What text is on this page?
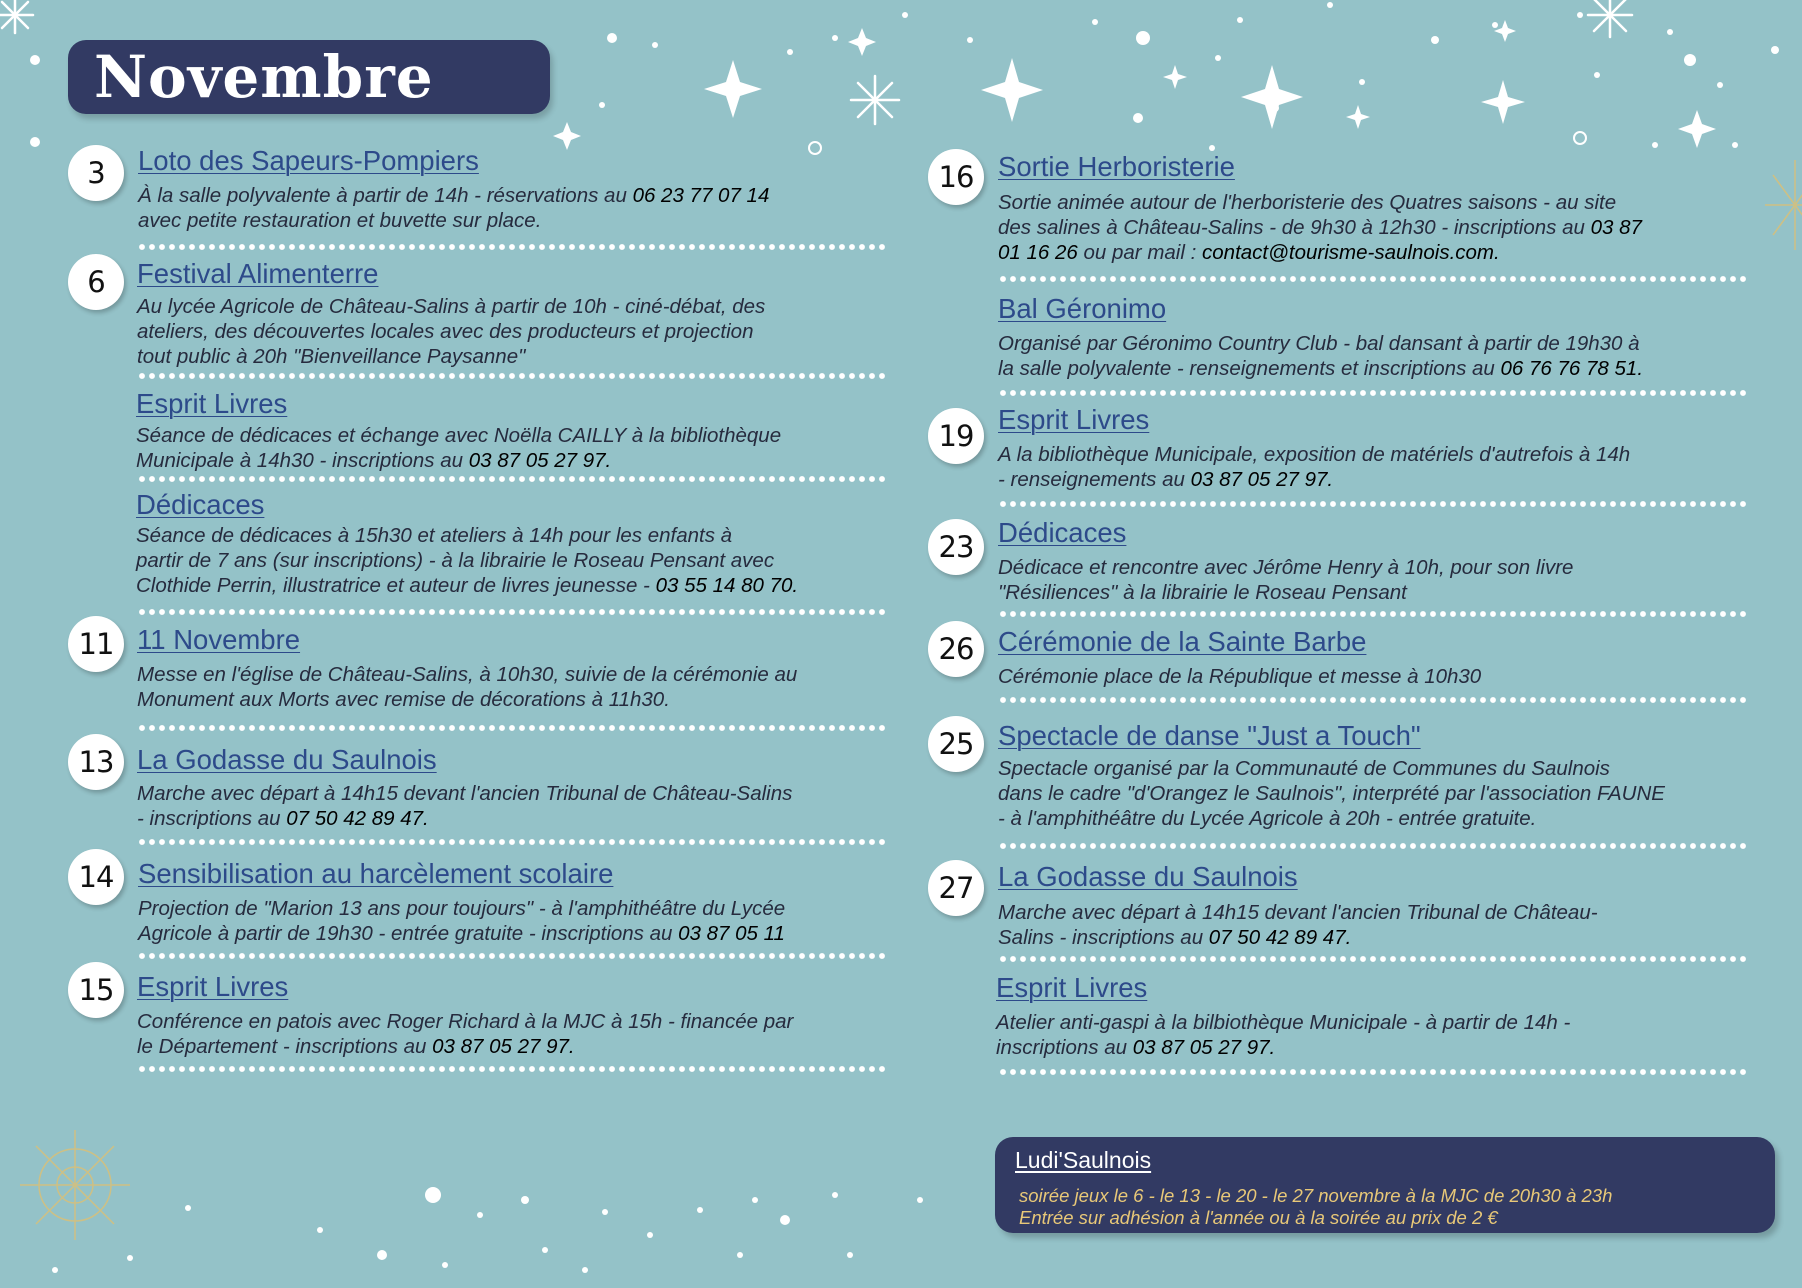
Novembre
3	Loto des Sapeurs-Pompiers
À la salle polyvalente à partir de 14h - réservations au 06 23 77 07 14
avec petite restauration et buvette sur place.
6	Festival Alimenterre
Au lycée Agricole de Château-Salins à partir de 10h - ciné-débat, des
ateliers, des découvertes locales avec des producteurs et projection
tout public à 20h "Bienveillance Paysanne"
Esprit Livres
Séance de dédicaces et échange avec Noëlla CAILLY à la bibliothèque
Municipale à 14h30 - inscriptions au 03 87 05 27 97.
Dédicaces
Séance de dédicaces à 15h30 et ateliers à 14h pour les enfants à
partir de 7 ans (sur inscriptions) - à la librairie le Roseau Pensant avec
Clothide Perrin, illustratrice et auteur de livres jeunesse - 03 55 14 80 70.
11 11 Novembre
Messe en l'église de Château-Salins, à 10h30, suivie de la cérémonie au
Monument aux Morts avec remise de décorations à 11h30.
13 La Godasse du Saulnois
Marche avec départ à 14h15 devant l'ancien Tribunal de Château-Salins
- inscriptions au 07 50 42 89 47.
14 Sensibilisation au harcèlement scolaire
Projection de "Marion 13 ans pour toujours" - à l'amphithéâtre du Lycée
Agricole à partir de 19h30 - entrée gratuite - inscriptions au 03 87 05 11
15 Esprit Livres
Conférence en patois avec Roger Richard à la MJC à 15h - financée par
le Département - inscriptions au 03 87 05 27 97.
16 Sortie Herboristerie
Sortie animée autour de l'herboristerie des Quatres saisons - au site
des salines à Château-Salins - de 9h30 à 12h30 - inscriptions au 03 87
01 16 26 ou par mail : contact@tourisme-saulnois.com.
Bal Géronimo
Organisé par Géronimo Country Club - bal dansant à partir de 19h30 à
la salle polyvalente - renseignements et inscriptions au 06 76 76 78 51.
19 Esprit Livres
A la bibliothèque Municipale, exposition de matériels d'autrefois à 14h
- renseignements au 03 87 05 27 97.
23 Dédicaces
Dédicace et rencontre avec Jérôme Henry à 10h, pour son livre
"Résiliences" à la librairie le Roseau Pensant
26 Cérémonie de la Sainte Barbe
Cérémonie place de la République et messe à 10h30
25 Spectacle de danse "Just a Touch"
Spectacle organisé par la Communauté de Communes du Saulnois
dans le cadre "d'Orangez le Saulnois", interprété par l'association FAUNE
- à l'amphithéâtre du Lycée Agricole à 20h - entrée gratuite.
27 La Godasse du Saulnois
Marche avec départ à 14h15 devant l'ancien Tribunal de Château-
Salins - inscriptions au 07 50 42 89 47.
Esprit Livres
Atelier anti-gaspi à la bilbiothèque Municipale - à partir de 14h -
inscriptions au 03 87 05 27 97.
Ludi'Saulnois
soirée jeux le 6 - le 13 - le 20 - le 27 novembre à la MJC de 20h30 à 23h
Entrée sur adhésion à l'année ou à la soirée au prix de 2 €
